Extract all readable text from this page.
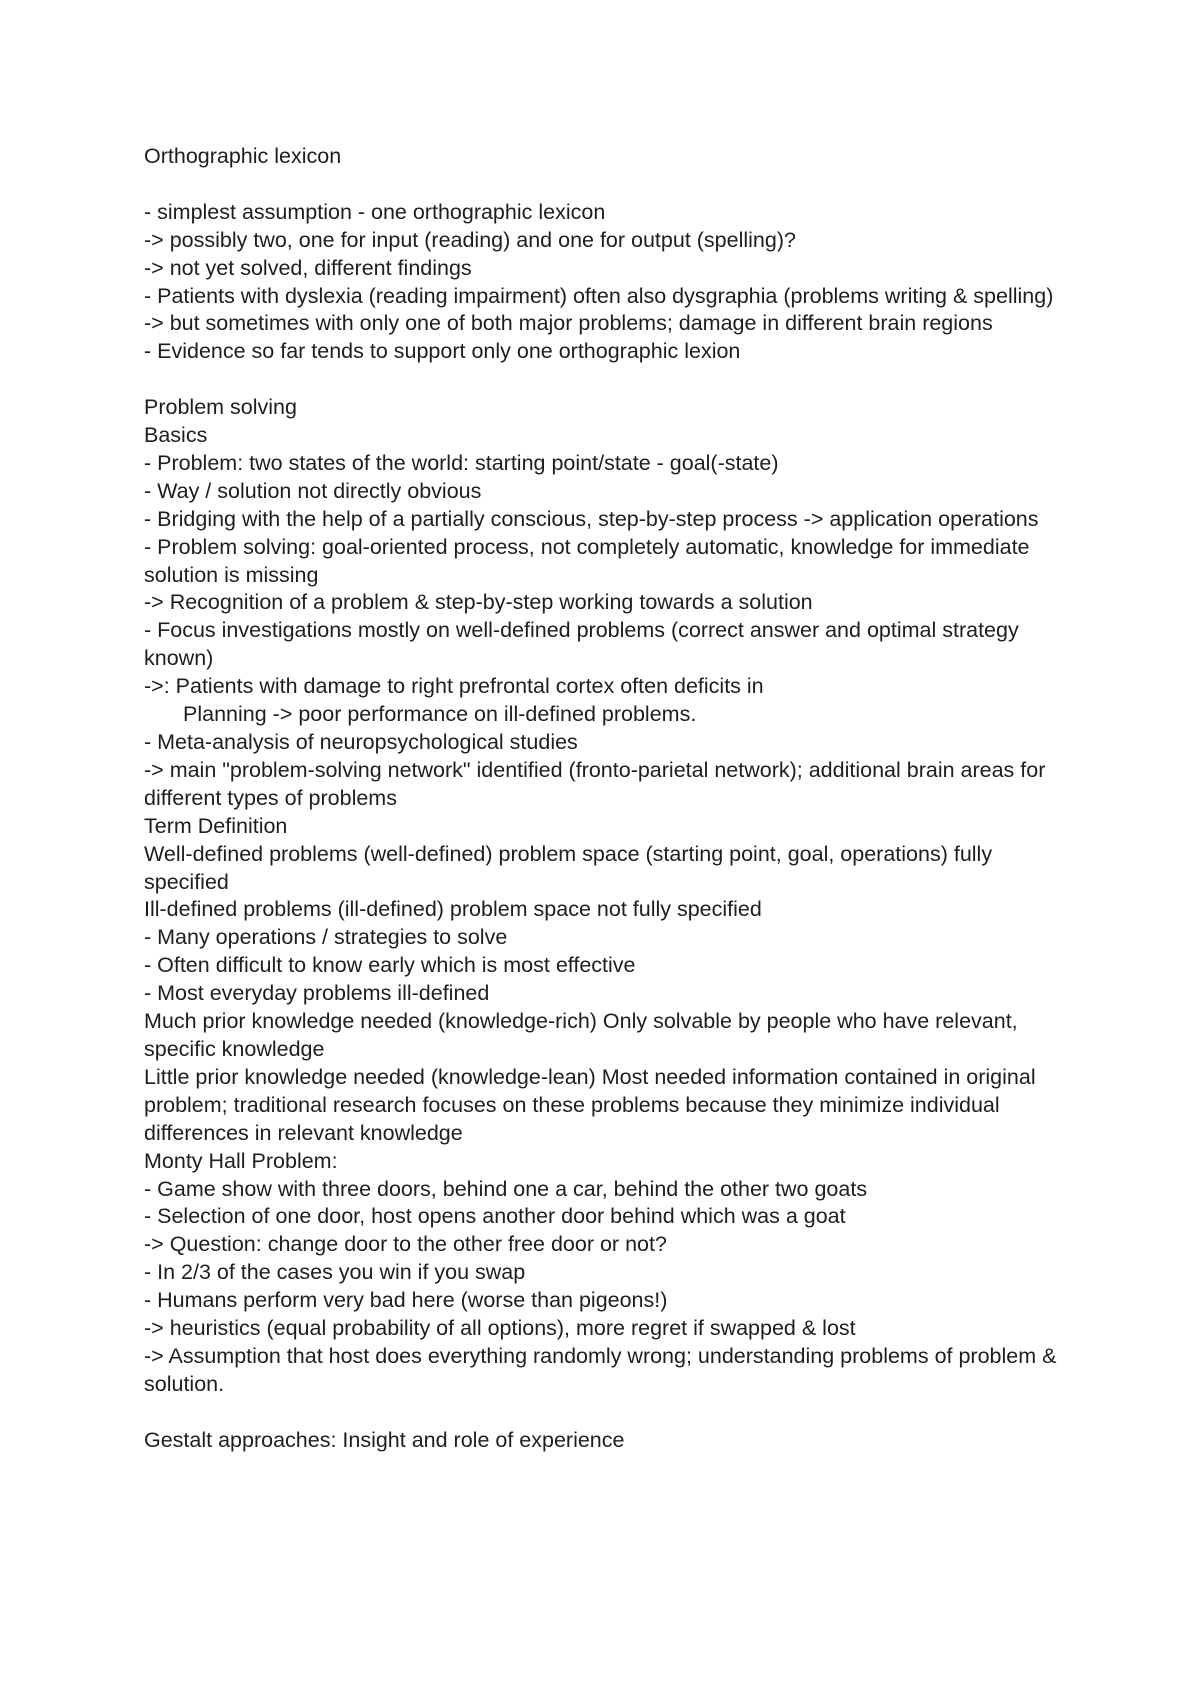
Orthographic lexicon
- simplest assumption - one orthographic lexicon
-> possibly two, one for input (reading) and one for output (spelling)?
-> not yet solved, different findings
- Patients with dyslexia (reading impairment) often also dysgraphia (problems writing & spelling)
-> but sometimes with only one of both major problems; damage in different brain regions
- Evidence so far tends to support only one orthographic lexion
Problem solving
Basics
- Problem: two states of the world: starting point/state - goal(-state)
- Way / solution not directly obvious
- Bridging with the help of a partially conscious, step-by-step process -> application operations
- Problem solving: goal-oriented process, not completely automatic, knowledge for immediate solution is missing
-> Recognition of a problem & step-by-step working towards a solution
- Focus investigations mostly on well-defined problems (correct answer and optimal strategy known)
->: Patients with damage to right prefrontal cortex often deficits in
Planning -> poor performance on ill-defined problems.
- Meta-analysis of neuropsychological studies
-> main "problem-solving network" identified (fronto-parietal network); additional brain areas for different types of problems
Term Definition
Well-defined problems (well-defined) problem space (starting point, goal, operations) fully specified
Ill-defined problems (ill-defined) problem space not fully specified
- Many operations / strategies to solve
- Often difficult to know early which is most effective
- Most everyday problems ill-defined
Much prior knowledge needed (knowledge-rich) Only solvable by people who have relevant, specific knowledge
Little prior knowledge needed (knowledge-lean) Most needed information contained in original problem; traditional research focuses on these problems because they minimize individual differences in relevant knowledge
Monty Hall Problem:
- Game show with three doors, behind one a car, behind the other two goats
- Selection of one door, host opens another door behind which was a goat
-> Question: change door to the other free door or not?
- In 2/3 of the cases you win if you swap
- Humans perform very bad here (worse than pigeons!)
-> heuristics (equal probability of all options), more regret if swapped & lost
-> Assumption that host does everything randomly wrong; understanding problems of problem & solution.
Gestalt approaches: Insight and role of experience
